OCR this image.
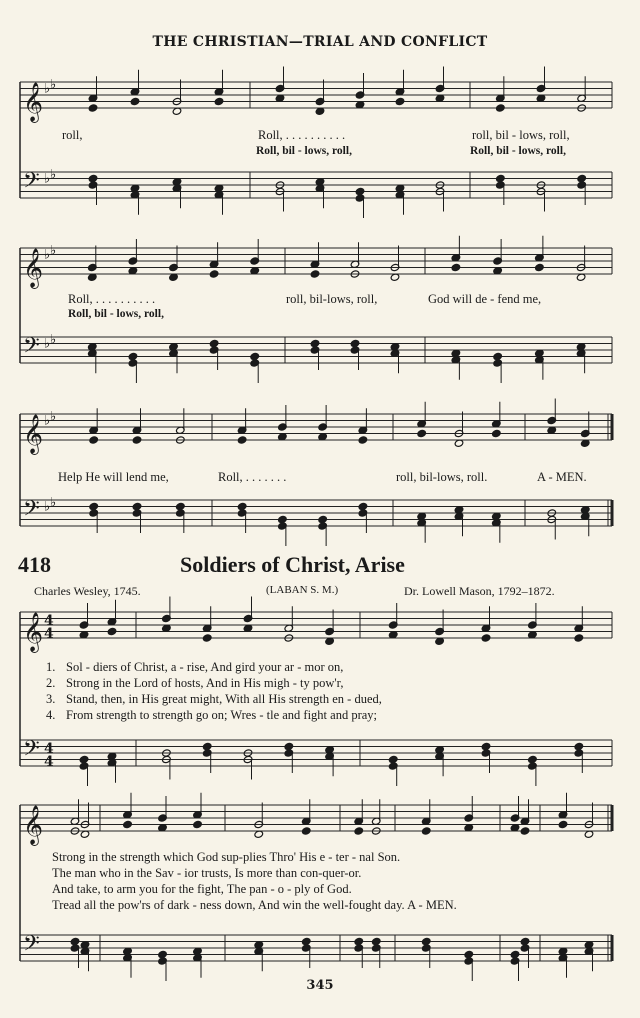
THE CHRISTIAN—TRIAL AND CONFLICT
𝄞
𝄢
♭ ♭
♭ ♭
𝄞
𝄢
♭ ♭
♭ ♭
𝄞
𝄢
♭ ♭
♭ ♭
𝄞
𝄢
4
4
4
4
𝄞
𝄢
roll,	Roll, . . . . . . . . . .	roll, bil - lows, roll,
Roll, bil - lows, roll,	Roll, bil - lows, roll,
Roll, . . . . . . . . . .	roll, bil-lows, roll,	God will de - fend me,
Roll, bil - lows, roll,
Help He will lend me,	Roll, . . . . . . .	roll, bil-lows, roll.	A - MEN.
418	Soldiers of Christ, Arise
Charles Wesley, 1745.	(LABAN S. M.)	Dr. Lowell Mason, 1792–1872.
1. Sol - diers of Christ, a - rise, And gird your ar - mor on,
2. Strong in the Lord of hosts, And in His migh - ty pow'r,
3. Stand, then, in His great might, With all His strength en - dued,
4. From strength to strength go on; Wres - tle and fight and pray;
Strong in the strength which God sup-plies Thro' His e - ter - nal Son.
The man who in the Sav - ior trusts, Is more than con-quer-or.
And take, to arm you for the fight, The pan - o - ply of God.
Tread all the pow'rs of dark - ness down, And win the well-fought day. A - MEN.
345
